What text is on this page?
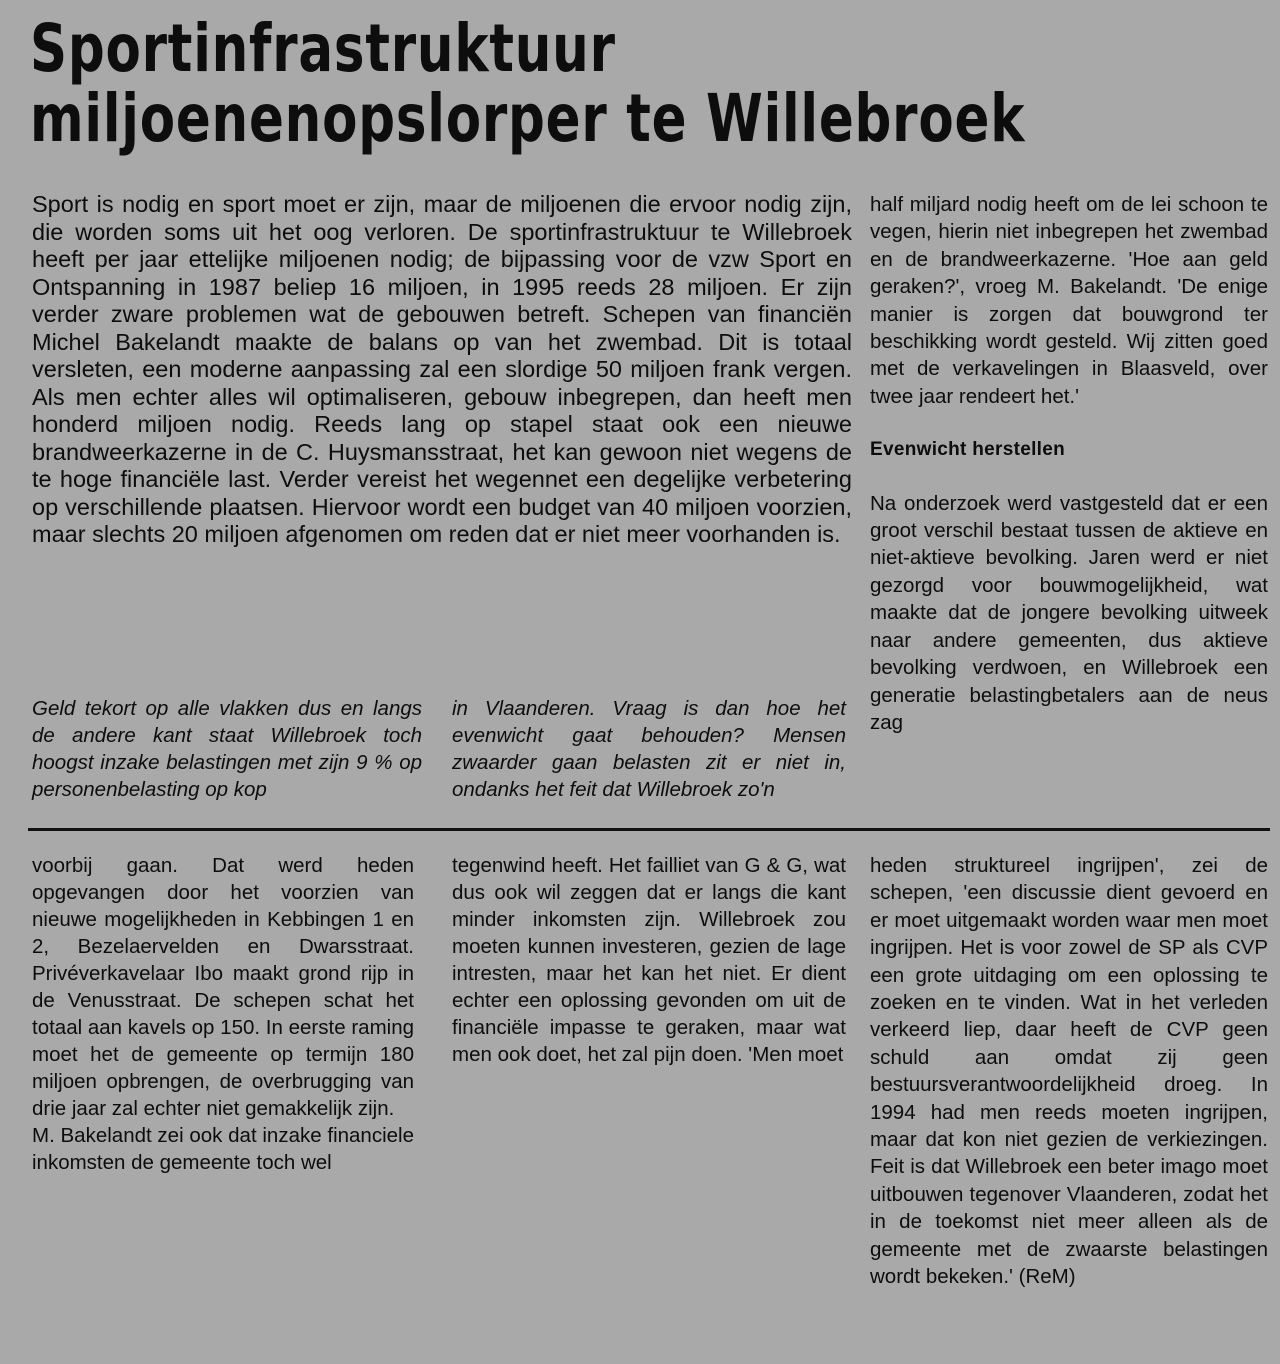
Sportinfrastruktuur
miljoenenopslorper te Willebroek

Sport is nodig en sport moet er zijn, maar de miljoenen die ervoor nodig zijn, die worden soms uit het oog verloren. De sportinfrastruktuur te Willebroek heeft per jaar ettelijke miljoenen nodig; de bijpassing voor de vzw Sport en Ontspanning in 1987 beliep 16 miljoen, in 1995 reeds 28 miljoen. Er zijn verder zware problemen wat de gebouwen betreft. Schepen van financiën Michel Bakelandt maakte de balans op van het zwembad. Dit is totaal versleten, een moderne aanpassing zal een slordige 50 miljoen frank vergen. Als men echter alles wil optimaliseren, gebouw inbegrepen, dan heeft men honderd miljoen nodig. Reeds lang op stapel staat ook een nieuwe brandweerkazerne in de C. Huysmansstraat, het kan gewoon niet wegens de te hoge financiële last. Verder vereist het wegennet een degelijke verbetering op verschillende plaatsen. Hiervoor wordt een budget van 40 miljoen voorzien, maar slechts 20 miljoen afgenomen om reden dat er niet meer voorhanden is.

half miljard nodig heeft om de lei schoon te vegen, hierin niet inbegrepen het zwembad en de brandweerkazerne. 'Hoe aan geld geraken?', vroeg M. Bakelandt. 'De enige manier is zorgen dat bouwgrond ter beschikking wordt gesteld. Wij zitten goed met de verkavelingen in Blaasveld, over twee jaar rendeert het.'

Evenwicht herstellen

Na onderzoek werd vastgesteld dat er een groot verschil bestaat tussen de aktieve en niet-aktieve bevolking. Jaren werd er niet gezorgd voor bouwmogelijkheid, wat maakte dat de jongere bevolking uitweek naar andere gemeenten, dus aktieve bevolking verdwoen, en Willebroek een generatie belastingbetalers aan de neus zag

Geld tekort op alle vlakken dus en langs de andere kant staat Willebroek toch hoogst inzake belastingen met zijn 9 % op personenbelasting op kop

in Vlaanderen. Vraag is dan hoe het evenwicht gaat behouden? Mensen zwaarder gaan belasten zit er niet in, ondanks het feit dat Willebroek zo'n

voorbij gaan. Dat werd heden opgevangen door het voorzien van nieuwe mogelijkheden in Kebbingen 1 en 2, Bezelaervelden en Dwarsstraat. Privéverkavelaar Ibo maakt grond rijp in de Venusstraat. De schepen schat het totaal aan kavels op 150. In eerste raming moet het de gemeente op termijn 180 miljoen opbrengen, de overbrugging van drie jaar zal echter niet gemakkelijk zijn.

M. Bakelandt zei ook dat inzake financiele inkomsten de gemeente toch wel

tegenwind heeft. Het failliet van G & G, wat dus ook wil zeggen dat er langs die kant minder inkomsten zijn. Willebroek zou moeten kunnen investeren, gezien de lage intresten, maar het kan het niet. Er dient echter een oplossing gevonden om uit de financiële impasse te geraken, maar wat men ook doet, het zal pijn doen. 'Men moet

heden struktureel ingrijpen', zei de schepen, 'een discussie dient gevoerd en er moet uitgemaakt worden waar men moet ingrijpen. Het is voor zowel de SP als CVP een grote uitdaging om een oplossing te zoeken en te vinden. Wat in het verleden verkeerd liep, daar heeft de CVP geen schuld aan omdat zij geen bestuursverantwoordelijkheid droeg. In 1994 had men reeds moeten ingrijpen, maar dat kon niet gezien de verkiezingen. Feit is dat Willebroek een beter imago moet uitbouwen tegenover Vlaanderen, zodat het in de toekomst niet meer alleen als de gemeente met de zwaarste belastingen wordt bekeken.' (ReM)
